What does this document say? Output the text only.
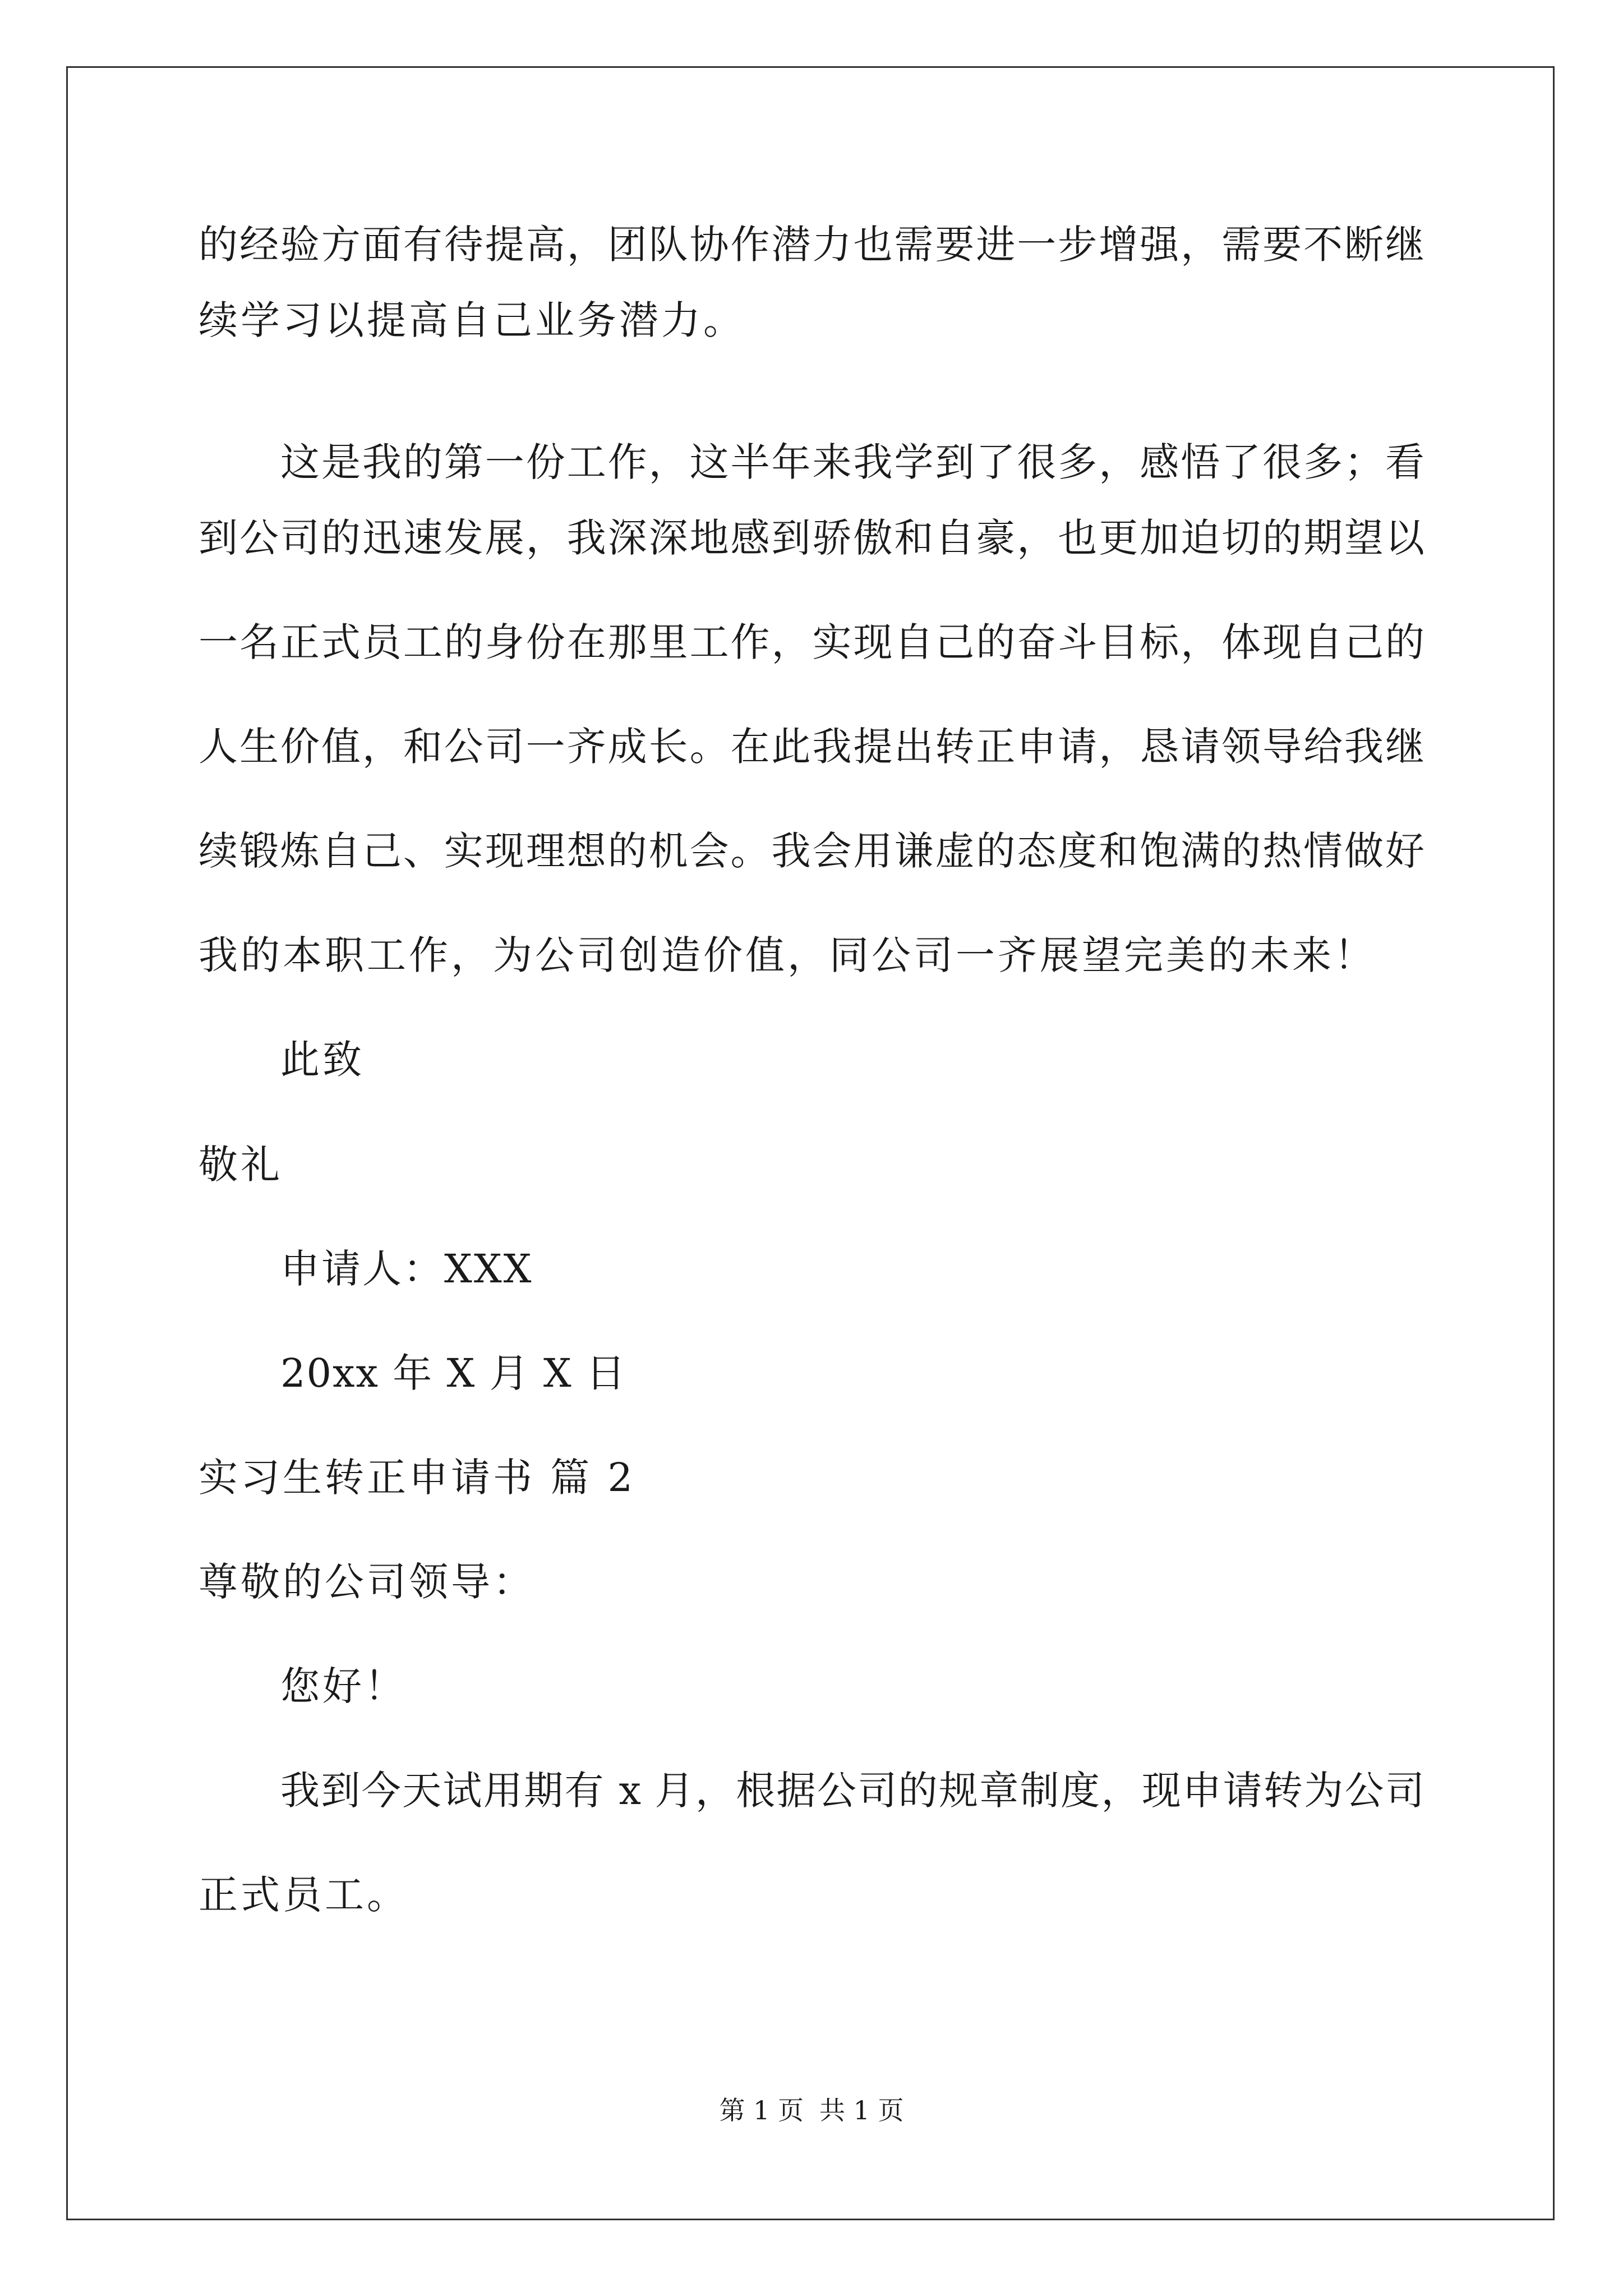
的经验方面有待提高，团队协作潜力也需要进一步增强，需要不断继
续学习以提高自己业务潜力。
这是我的第一份工作，这半年来我学到了很多，感悟了很多；看
到公司的迅速发展，我深深地感到骄傲和自豪，也更加迫切的期望以
一名正式员工的身份在那里工作，实现自己的奋斗目标，体现自己的
人生价值，和公司一齐成长。在此我提出转正申请，恳请领导给我继
续锻炼自己、实现理想的机会。我会用谦虚的态度和饱满的热情做好
我的本职工作，为公司创造价值，同公司一齐展望完美的未来！
此致
敬礼
申请人：XXX
20xx 年 X 月 X 日
实习生转正申请书 篇 2
尊敬的公司领导：
您好！
我到今天试用期有 x 月，根据公司的规章制度，现申请转为公司
正式员工。
第 1 页 共 1 页
